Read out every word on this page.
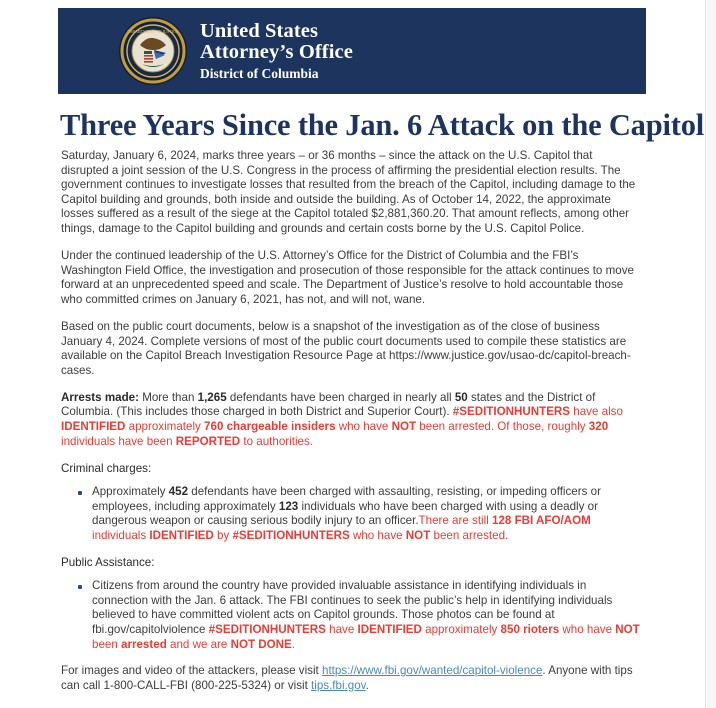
DEPARTMENT OF JUSTICE United States
Attorney’s Office
District of Columbia
Three Years Since the Jan. 6 Attack on the Capitol

Saturday, January 6, 2024, marks three years – or 36 months – since the attack on the U.S. Capitol that disrupted a joint session of the U.S. Congress in the process of affirming the presidential election results. The government continues to investigate losses that resulted from the breach of the Capitol, including damage to the Capitol building and grounds, both inside and outside the building. As of October 14, 2022, the approximate losses suffered as a result of the siege at the Capitol totaled $2,881,360.20. That amount reflects, among other things, damage to the Capitol building and grounds and certain costs borne by the U.S. Capitol Police.

Under the continued leadership of the U.S. Attorney’s Office for the District of Columbia and the FBI’s Washington Field Office, the investigation and prosecution of those responsible for the attack continues to move forward at an unprecedented speed and scale. The Department of Justice’s resolve to hold accountable those who committed crimes on January 6, 2021, has not, and will not, wane.

Based on the public court documents, below is a snapshot of the investigation as of the close of business January 4, 2024. Complete versions of most of the public court documents used to compile these statistics are available on the Capitol Breach Investigation Resource Page at https://www.justice.gov/usao-dc/capitol-breach-cases.

Arrests made: More than 1,265 defendants have been charged in nearly all 50 states and the District of Columbia. (This includes those charged in both District and Superior Court). #SEDITIONHUNTERS have also IDENTIFIED approximately 760 chargeable insiders who have NOT been arrested. Of those, roughly 320 individuals have been REPORTED to authorities.

Criminal charges:

Approximately 452 defendants have been charged with assaulting, resisting, or impeding officers or employees, including approximately 123 individuals who have been charged with using a deadly or dangerous weapon or causing serious bodily injury to an officer.There are still 128 FBI AFO/AOM individuals IDENTIFIED by #SEDITIONHUNTERS who have NOT been arrested.

Public Assistance:

Citizens from around the country have provided invaluable assistance in identifying individuals in connection with the Jan. 6 attack. The FBI continues to seek the public’s help in identifying individuals believed to have committed violent acts on Capitol grounds. Those photos can be found at fbi.gov/capitolviolence #SEDITIONHUNTERS have IDENTIFIED approximately 850 rioters who have NOT been arrested and we are NOT DONE.

For images and video of the attackers, please visit https://www.fbi.gov/wanted/capitol-violence. Anyone with tips can call 1-800-CALL-FBI (800-225-5324) or visit tips.fbi.gov.
